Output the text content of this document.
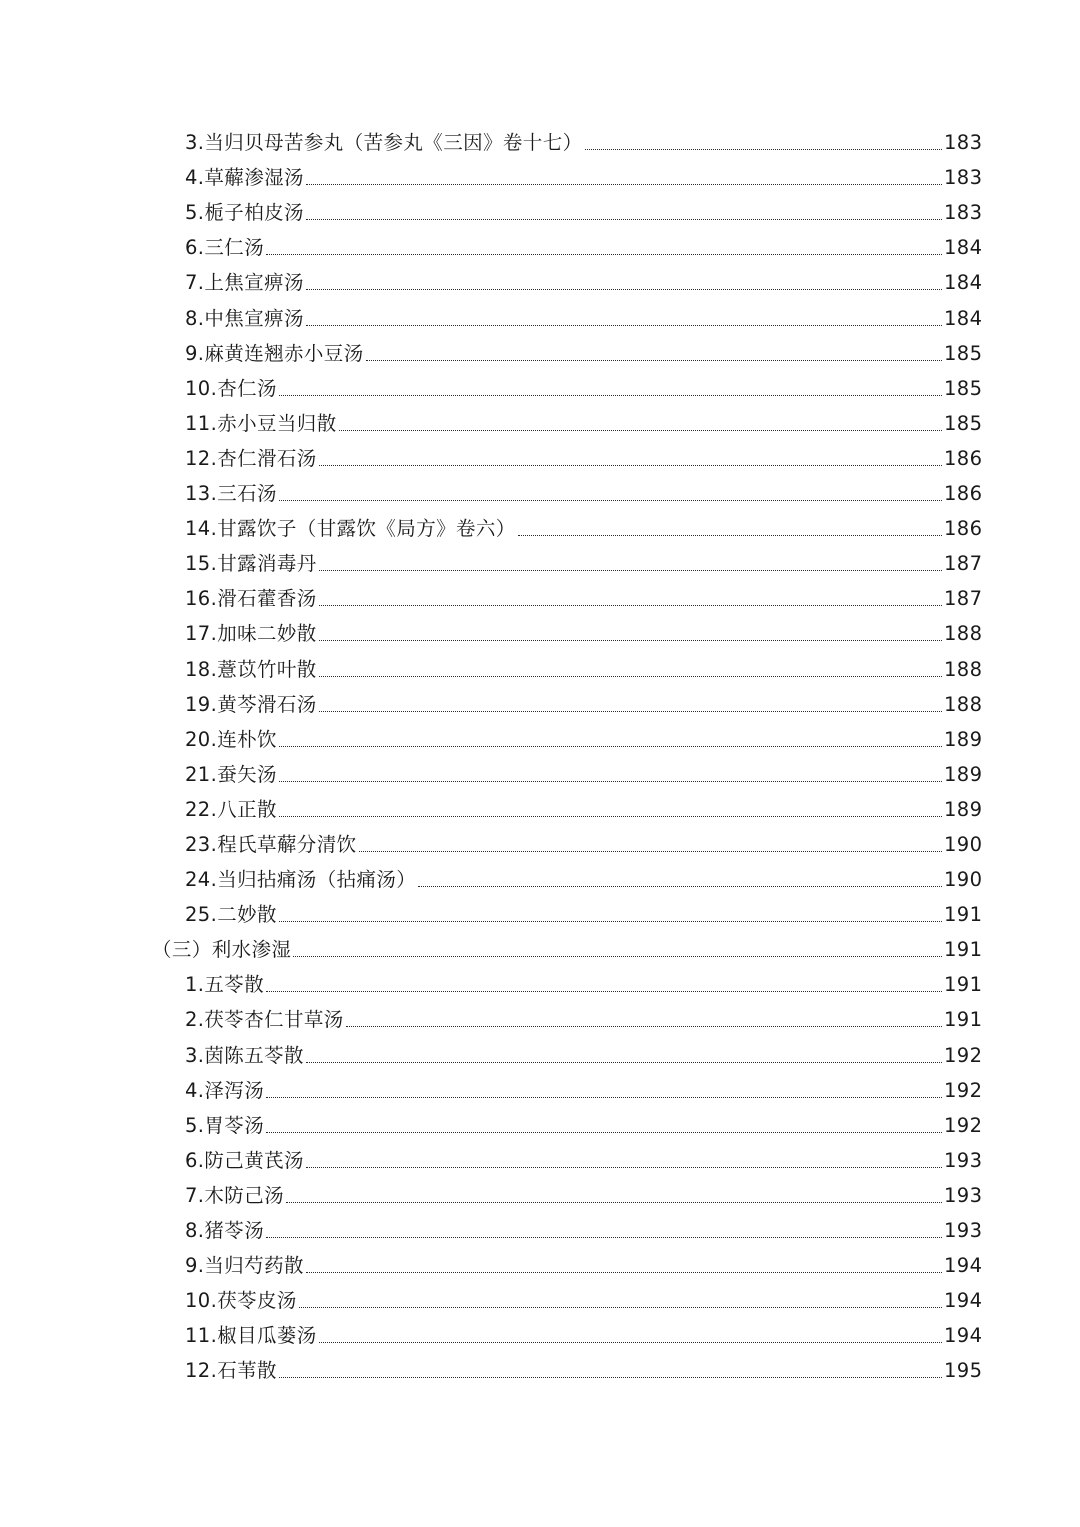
3.当归贝母苦参丸（苦参丸《三因》卷十七）	183
4.草薢渗湿汤	183
5.栀子柏皮汤	183
6.三仁汤	184
7.上焦宣痹汤	184
8.中焦宣痹汤	184
9.麻黄连翘赤小豆汤	185
10.杏仁汤	185
11.赤小豆当归散	185
12.杏仁滑石汤	186
13.三石汤	186
14.甘露饮子（甘露饮《局方》卷六）	186
15.甘露消毒丹	187
16.滑石藿香汤	187
17.加味二妙散	188
18.薏苡竹叶散	188
19.黄芩滑石汤	188
20.连朴饮	189
21.蚕矢汤	189
22.八正散	189
23.程氏草薢分清饮	190
24.当归拈痛汤（拈痛汤）	190
25.二妙散	191
（三）利水渗湿	191
1.五苓散	191
2.茯苓杏仁甘草汤	191
3.茵陈五苓散	192
4.泽泻汤	192
5.胃苓汤	192
6.防己黄芪汤	193
7.木防己汤	193
8.猪苓汤	193
9.当归芍药散	194
10.茯苓皮汤	194
11.椒目瓜蒌汤	194
12.石苇散	195
